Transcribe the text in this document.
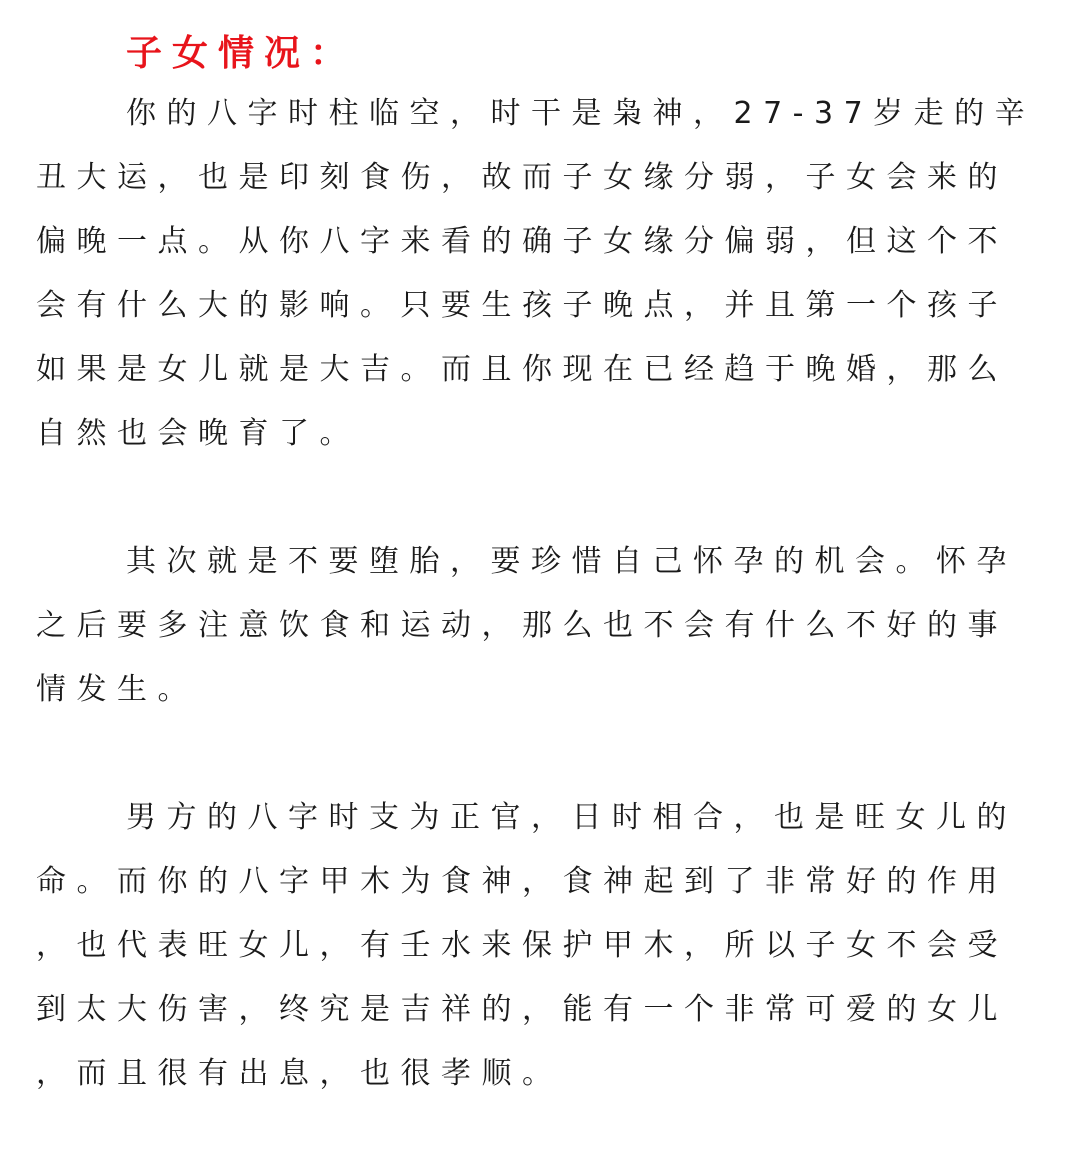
子女情况：
你的八字时柱临空，时干是枭神，27-37岁走的辛
丑大运，也是印刻食伤，故而子女缘分弱，子女会来的
偏晚一点。从你八字来看的确子女缘分偏弱，但这个不
会有什么大的影响。只要生孩子晚点，并且第一个孩子
如果是女儿就是大吉。而且你现在已经趋于晚婚，那么
自然也会晚育了。
其次就是不要堕胎，要珍惜自己怀孕的机会。怀孕
之后要多注意饮食和运动，那么也不会有什么不好的事
情发生。
男方的八字时支为正官，日时相合，也是旺女儿的
命。而你的八字甲木为食神，食神起到了非常好的作用
，也代表旺女儿，有壬水来保护甲木，所以子女不会受
到太大伤害，终究是吉祥的，能有一个非常可爱的女儿
，而且很有出息，也很孝顺。
